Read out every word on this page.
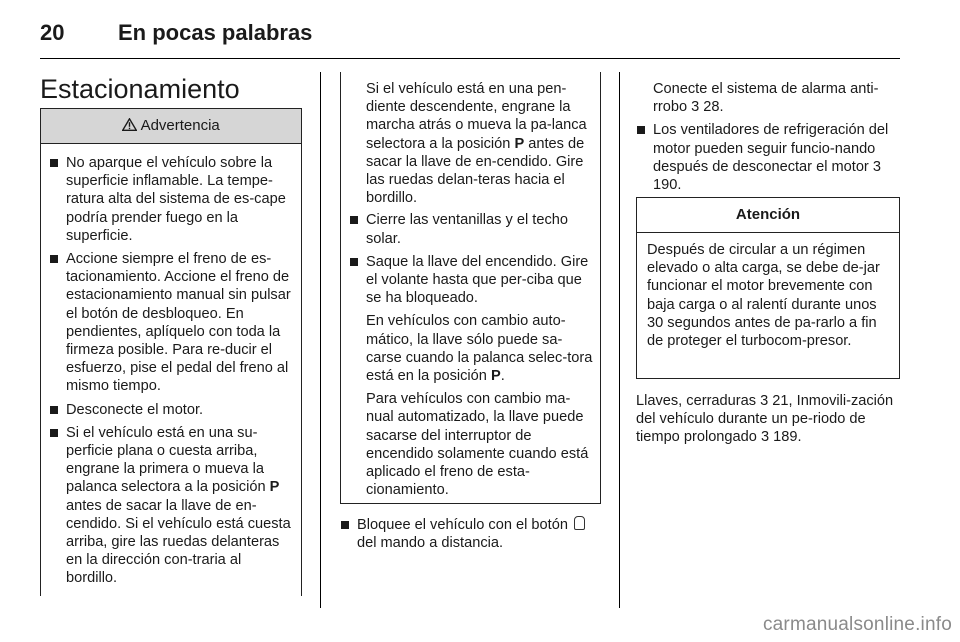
20 En pocas palabras
Estacionamiento
Advertencia
No aparque el vehículo sobre la superficie inflamable. La tempe-ratura alta del sistema de es-cape podría prender fuego en la superficie.
Accione siempre el freno de es-tacionamiento. Accione el freno de estacionamiento manual sin pulsar el botón de desbloqueo. En pendientes, aplíquelo con toda la firmeza posible. Para re-ducir el esfuerzo, pise el pedal del freno al mismo tiempo.
Desconecte el motor.
Si el vehículo está en una su-perficie plana o cuesta arriba, engrane la primera o mueva la palanca selectora a la posición P antes de sacar la llave de en-cendido. Si el vehículo está cuesta arriba, gire las ruedas delanteras en la dirección con-traria al bordillo.

Si el vehículo está en una pen-diente descendente, engrane la marcha atrás o mueva la pa-lanca selectora a la posición P antes de sacar la llave de en-cendido. Gire las ruedas delan-teras hacia el bordillo.

Cierre las ventanillas y el techo solar.
Saque la llave del encendido. Gire el volante hasta que per-ciba que se ha bloqueado.

En vehículos con cambio auto-mático, la llave sólo puede sa-carse cuando la palanca selec-tora está en la posición P.

Para vehículos con cambio ma-nual automatizado, la llave puede sacarse del interruptor de encendido solamente cuando está aplicado el freno de esta-cionamiento.

Bloquee el vehículo con el botón  del mando a distancia.

Conecte el sistema de alarma anti-rrobo 3 28.

Los ventiladores de refrigeración del motor pueden seguir funcio-nando después de desconectar el motor 3 190.
Atención
Después de circular a un régimen elevado o alta carga, se debe de-jar funcionar el motor brevemente con baja carga o al ralentí durante unos 30 segundos antes de pa-rarlo a fin de proteger el turbocom-presor.
Llaves, cerraduras 3 21, Inmovili-zación del vehículo durante un pe-riodo de tiempo prolongado 3 189.
carmanualsonline.info
